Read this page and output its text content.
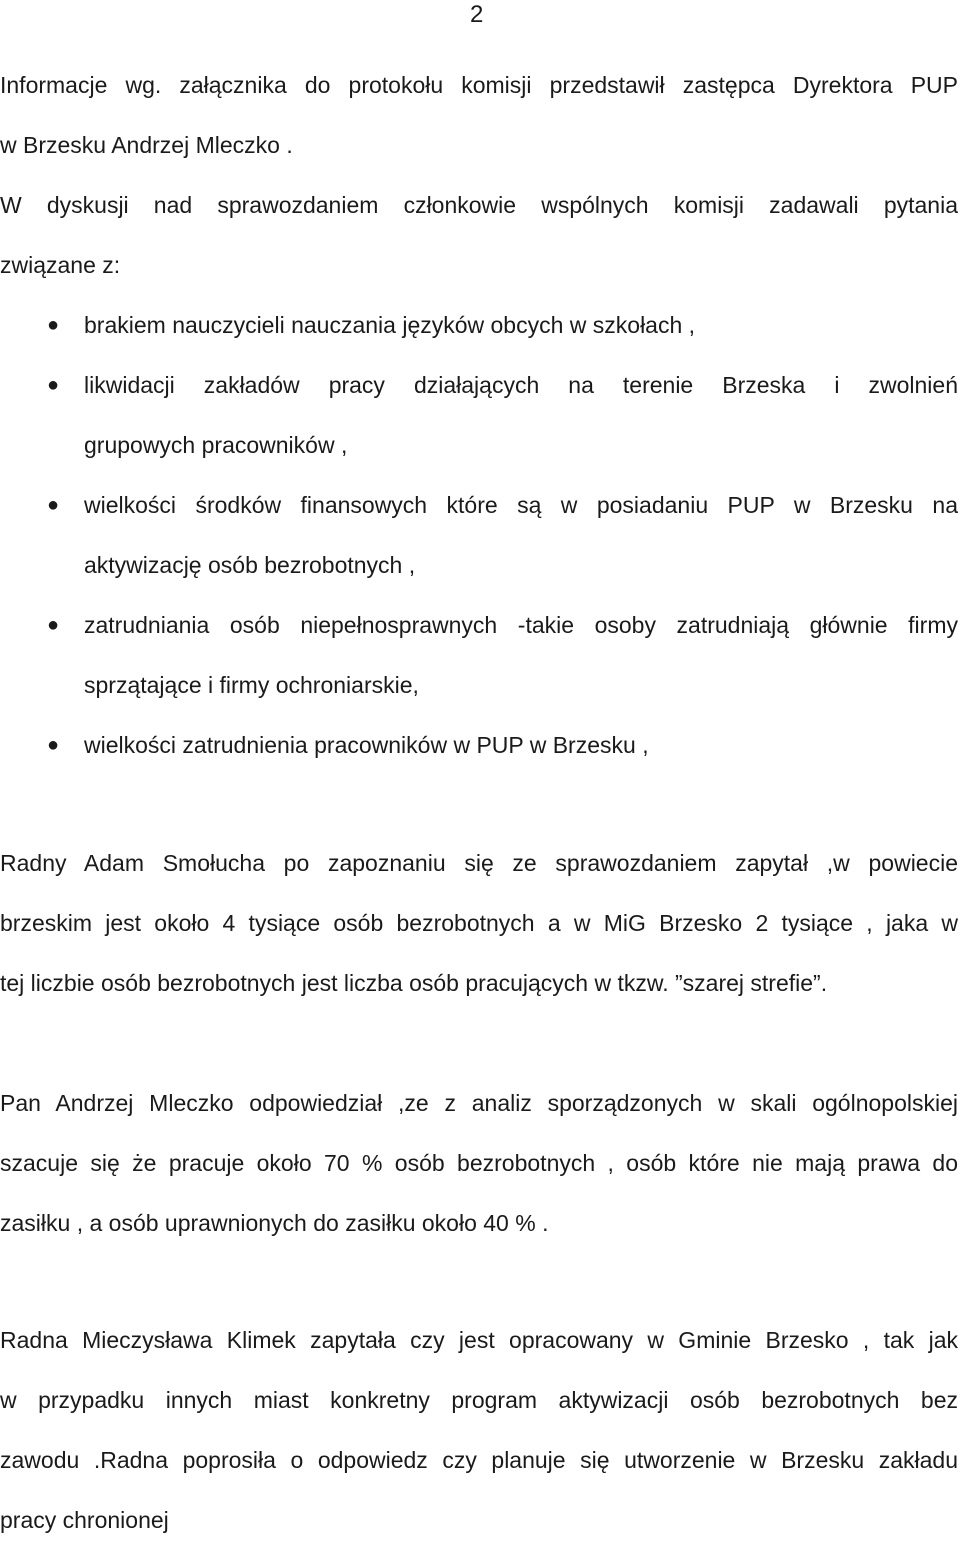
2
Informacje wg. załącznika do protokołu komisji przedstawił zastępca Dyrektora PUP
w Brzesku Andrzej Mleczko .
W dyskusji nad sprawozdaniem członkowie wspólnych komisji zadawali pytania
związane z:
● brakiem nauczycieli nauczania języków obcych w szkołach ,
● likwidacji zakładów pracy działających na terenie Brzeska i zwolnień
grupowych pracowników ,
● wielkości środków finansowych które są w posiadaniu PUP w Brzesku na
aktywizację osób bezrobotnych ,
● zatrudniania osób niepełnosprawnych -takie osoby zatrudniają głównie firmy
sprzątające i firmy ochroniarskie,
● wielkości zatrudnienia pracowników w PUP w Brzesku ,
Radny Adam Smołucha po zapoznaniu się ze sprawozdaniem zapytał ,w powiecie
brzeskim jest około 4 tysiące osób bezrobotnych a w MiG Brzesko 2 tysiące , jaka w
tej liczbie osób bezrobotnych jest liczba osób pracujących w tkzw. ”szarej strefie”.
Pan Andrzej Mleczko odpowiedział ,ze z analiz sporządzonych w skali ogólnopolskiej
szacuje się że pracuje około 70 % osób bezrobotnych , osób które nie mają prawa do
zasiłku , a osób uprawnionych do zasiłku około 40 % .
Radna Mieczysława Klimek zapytała czy jest opracowany w Gminie Brzesko , tak jak
w przypadku innych miast konkretny program aktywizacji osób bezrobotnych bez
zawodu .Radna poprosiła o odpowiedz czy planuje się utworzenie w Brzesku zakładu
pracy chronionej
